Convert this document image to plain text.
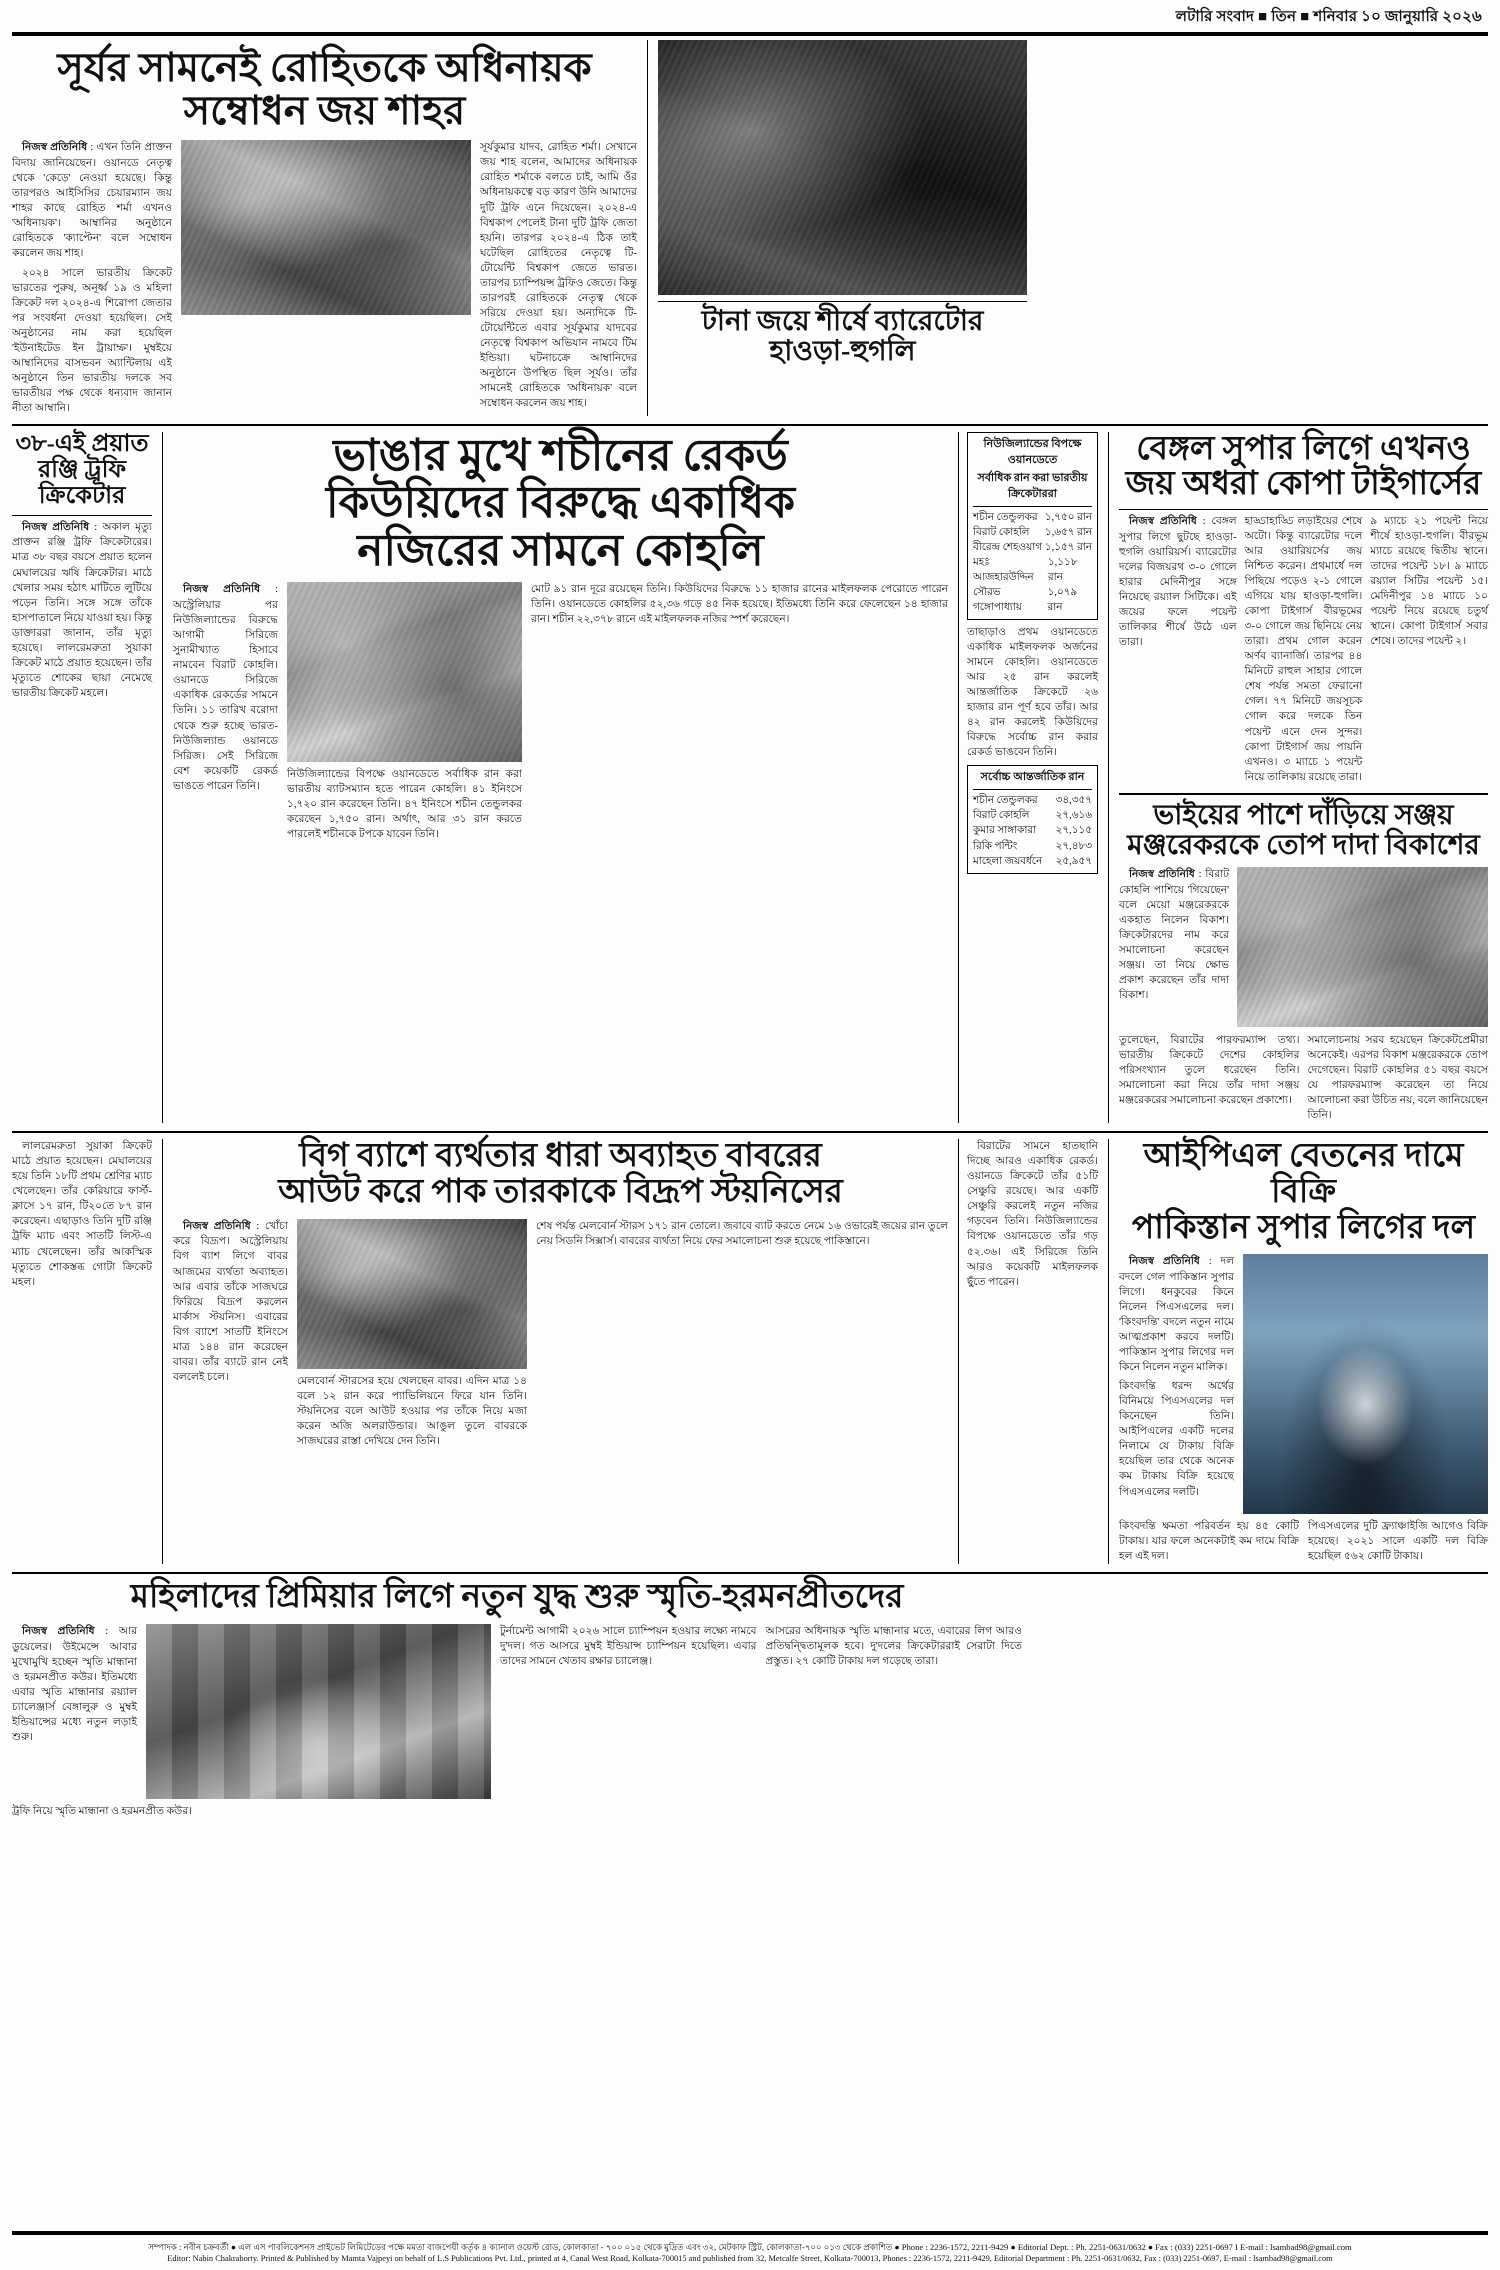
লটারি সংবাদ ■ তিন ■ শনিবার ১০ জানুয়ারি ২০২৬
সূর্যর সামনেই রোহিতকে অধিনায়ক সম্বোধন জয় শাহর

নিজস্ব প্রতিনিধি : এখন তিনি প্রাক্তন বিদায় জানিয়েছেন। ওয়ানডে নেতৃত্ব থেকে 'কেড়ে' নেওয়া হয়েছে। কিন্তু তারপরও আইসিসির চেয়ারম্যান জয় শাহর কাছে রোহিত শর্মা এখনও 'অধিনায়ক'। আম্বানির অনুষ্ঠানে রোহিতকে 'ক্যাপ্টেন' বলে সম্বোধন করলেন জয় শাহ।

২০২৪ সালে ভারতীয় ক্রিকেট ভারতের পুরুষ, অনূর্ধ্ব ১৯ ও মহিলা ক্রিকেট দল ২০২৪-এ শিরোপা জেতার পর সংবর্ধনা দেওয়া হয়েছিল। সেই অনুষ্ঠানের নাম করা হয়েছিল 'ইউনাইটেড ইন ট্রায়াম্ফ'। মুম্বইয়ে আম্বানিদের বাসভবন অ্যান্টিলায় এই অনুষ্ঠানে তিন ভারতীয় দলকে সব ভারতীয়র পক্ষ থেকে ধন্যবাদ জানান নীতা আম্বানি।

সূর্যকুমার যাদব, রোহিত শর্মা। সেখানে জয় শাহ বলেন, আমাদের অধিনায়ক রোহিত শর্মাকে বলতে চাই, আমি ওঁর অধিনায়কত্বে বড় কারণ উনি আমাদের দুটি ট্রফি এনে দিয়েছেন। ২০২৪-এ বিশ্বকাপ পেলেই টানা দুটি ট্রফি জেতা হয়নি। তারপর ২০২৪-এ ঠিক তাই ঘটেছিল রোহিতের নেতৃত্বে টি-টোয়েন্টি বিশ্বকাপ জেতে ভারত। তারপর চ্যাম্পিয়ন্স ট্রফিও জেতে। কিন্তু তারপরই রোহিতকে নেতৃত্ব থেকে সরিয়ে দেওয়া হয়। অন্যদিকে টি-টোয়েন্টিতে এবার সূর্যকুমার যাদবের নেতৃত্বে বিশ্বকাপ অভিযান নামবে টিম ইন্ডিয়া। ঘটনাচক্রে আম্বানিদের অনুষ্ঠানে উপস্থিত ছিল সূর্যও। তাঁর সামনেই রোহিতকে 'অধিনায়ক' বলে সম্বোধন করলেন জয় শাহ।
টানা জয়ে শীর্ষে ব্যারেটোর হাওড়া-হুগলি
৩৮-এই প্রয়াত
রঞ্জি ট্রফি ক্রিকেটার

নিজস্ব প্রতিনিধি : অকাল মৃত্যু প্রাক্তন রঞ্জি ট্রফি ক্রিকেটারের। মাত্র ৩৮ বছর বয়সে প্রয়াত হলেন মেঘালয়ের ঋষি ক্রিকেটার। মাঠে খেলার সময় হঠাৎ মাটিতে লুটিয়ে পড়েন তিনি। সঙ্গে সঙ্গে তাঁকে হাসপাতালে নিয়ে যাওয়া হয়। কিন্তু ডাক্তাররা জানান, তাঁর মৃত্যু হয়েছে। লালরেমরুতা সুয়াকা ক্রিকেট মাঠে প্রয়াত হয়েছেন। তাঁর মৃত্যুতে শোকের ছায়া নেমেছে ভারতীয় ক্রিকেট মহলে।

ভাঙার মুখে শচীনের রেকর্ড
কিউয়িদের বিরুদ্ধে একাধিক
নজিরের সামনে কোহলি

নিজস্ব প্রতিনিধি : অস্ট্রেলিয়ার পর নিউজিল্যান্ডের বিরুদ্ধে আগামী সিরিজে সুনামীখ্যাত হিসাবে নামবেন বিরাট কোহলি। ওয়ানডে সিরিজে একাধিক রেকর্ডের সামনে তিনি। ১১ তারিখ বরোদা থেকে শুরু হচ্ছে ভারত-নিউজিল্যান্ড ওয়ানডে সিরিজ। সেই সিরিজে বেশ কয়েকটি রেকর্ড ভাঙতে পারেন তিনি।

নিউজিল্যান্ডের বিপক্ষে ওয়ানডেতে সর্বাধিক রান করা ভারতীয় ব্যাটসম্যান হতে পারেন কোহলি। ৪১ ইনিংসে ১,৭২০ রান করেছেন তিনি। ৪৭ ইনিংসে শচীন তেন্ডুলকর করেছেন ১,৭৫০ রান। অর্থাৎ, আর ৩১ রান করতে পারলেই শচীনকে টপকে যাবেন তিনি।
মোট ৯১ রান দূরে রয়েছেন তিনি। কিউয়িদের বিরুদ্ধে ১১ হাজার রানের মাইলফলক পেরোতে পারেন তিনি। ওয়ানডেতে কোহলির ৫২,৩৬ গড়ে ৪৫ নিক হয়েছে। ইতিমধ্যে তিনি করে ফেলেছেন ১৪ হাজার রান। শচীন ২২,৩৭৮ রানে এই মাইলফলক নজির স্পর্শ করেছেন।
নিউজিল্যান্ডের বিপক্ষে ওয়ানডেতে
সর্বাধিক রান করা ভারতীয় ক্রিকেটাররা
শচীন তেন্ডুলকর ১,৭৫০ রান
বিরাট কোহলি ১,৬৫৭ রান
বীরেন্দ্র শেহওয়াগ ১,১৫৭ রান
মহঃ আজহারউদ্দিন
১,১১৮ রান
সৌরভ গঙ্গোপাধ্যায়
১,০৭৯ রান
তাছাড়াও প্রথম ওয়ানডেতে একাধিক মাইলফলক অর্জনের সামনে কোহলি। ওয়ানডেতে আর ২৫ রান করলেই আন্তর্জাতিক ক্রিকেটে ২৬ হাজার রান পূর্ণ হবে তাঁর। আর ৪২ রান করলেই কিউয়িদের বিরুদ্ধে সর্বোচ্চ রান করার রেকর্ড ভাঙবেন তিনি।
সর্বোচ্চ আন্তর্জাতিক রান
শচীন তেন্ডুলকর ৩৪,৩৫৭
বিরাট কোহলি	২৭,৬১৬
কুমার সাঙ্গাকারা ২৭,১১৫
রিকি পন্টিং	২৭,৪৮৩
মাহেলা জয়বর্ধনে ২৫,৯৫৭
বেঙ্গল সুপার লিগে এখনও
জয় অধরা কোপা টাইগার্সের

নিজস্ব প্রতিনিধি : বেঙ্গল সুপার লিগে ছুটছে হাওড়া-হুগলি ওয়ারিয়র্স। ব্যারেটোর দলের বিজয়রথ ৩-০ গোলে হারার মেদিনীপুর সঙ্গে নিয়েছে রয়্যাল সিটিকে। এই জয়ের ফলে পয়েন্ট তালিকার শীর্ষে উঠে এল তারা।

হাড্ডাহাড্ডি লড়াইয়ের শেষে অটো। কিন্তু ব্যারেটোর দলে আর ওয়ারিয়র্সের জয় নিশ্চিত করেন। প্রথমার্ধে দল পিছিয়ে পড়েও ২-১ গোলে এগিয়ে যায় হাওড়া-হুগলি। কোপা টাইগার্স বীরভূমের ৩-০ গোলে জয় ছিনিয়ে নেয় তারা। প্রথম গোল করেন অর্ণব ব্যানার্জি। তারপর ৪৪ মিনিটে রাহুল সাহার গোলে শেষ পর্যন্ত সমতা ফেরানো গেল। ৭৭ মিনিটে জয়সূচক গোল করে দলকে তিন পয়েন্ট এনে দেন সুন্দর। কোপা টাইগার্স জয় পায়নি এখনও। ৩ ম্যাচে ১ পয়েন্ট নিয়ে তালিকায় রয়েছে তারা।
৯ ম্যাচে ২১ পয়েন্ট নিয়ে শীর্ষে হাওড়া-হুগলি। বীরভূম ম্যাচে রয়েছে দ্বিতীয় স্থানে। তাদের পয়েন্ট ১৮। ৯ ম্যাচে রয়্যাল সিটির পয়েন্ট ১৫। মেদিনীপুর ১৪ ম্যাচে ১০ পয়েন্ট নিয়ে রয়েছে চতুর্থ স্থানে। কোপা টাইগার্স সবার শেষে। তাদের পয়েন্ট ২।
ভাইয়ের পাশে দাঁড়িয়ে সঞ্জয়
মঞ্জরেকরকে তোপ দাদা বিকাশের

নিজস্ব প্রতিনিধি : বিরাট কোহলি পাশিয়ে 'গিয়েছেন' বলে মেয়ো মঞ্জরেকরকে একহাত নিলেন বিকাশ। ক্রিকেটারদের নাম করে সমালোচনা করেছেন সঞ্জয়। তা নিয়ে ক্ষোভ প্রকাশ করেছেন তাঁর দাদা বিকাশ।

তুলেছেন, বিরাটের পারফরম্যান্স তথ্য। ভারতীয় ক্রিকেটে দেশের কোহলির পরিসংখ্যান তুলে ধরেছেন তিনি। সমালোচনা করা নিয়ে তাঁর দাদা সঞ্জয় মঞ্জরেকরের সমালোচনা করেছেন প্রকাশ্যে।
সমালোচনায় সরব হয়েছেন ক্রিকেটপ্রেমীরা অনেকেই। এরপর বিকাশ মঞ্জরেকরকে তোপ দেগেছেন। বিরাট কোহলির ৫১ বছর বয়সে যে পারফরম্যান্স করেছেন তা নিয়ে আলোচনা করা উচিত নয়, বলে জানিয়েছেন তিনি।

লালরেমরুতা সুয়াকা ক্রিকেট মাঠে প্রয়াত হয়েছেন। মেঘালয়ের হয়ে তিনি ১৮টি প্রথম শ্রেণির ম্যাচ খেলেছেন। তাঁর কেরিয়ারে ফার্স্ট-ক্লাসে ১৭ রান, টি২০তে ৮৭ রান করেছেন। এছাড়াও তিনি দুটি রঞ্জি ট্রফি ম্যাচ এবং সাতটি লিস্ট-এ ম্যাচ খেলেছেন। তাঁর আকস্মিক মৃত্যুতে শোকস্তব্ধ গোটা ক্রিকেট মহল।

বিগ ব্যাশে ব্যর্থতার ধারা অব্যাহত বাবরের
আউট করে পাক তারকাকে বিদ্রূপ স্টয়নিসের

নিজস্ব প্রতিনিধি : খোঁচা করে বিদ্রূপ। অস্ট্রেলিয়ায় বিগ ব্যাশ লিগে বাবর আজমের ব্যর্থতা অব্যাহত। আর এবার তাঁকে সাজঘরে ফিরিয়ে বিদ্রূপ করলেন মার্কাস স্টয়নিস। এবারের বিগ ব্যাশে সাতটি ইনিংসে মাত্র ১৪৪ রান করেছেন বাবর। তাঁর ব্যাটে রান নেই বললেই চলে।	মেলবোর্ন স্টারসের হয়ে খেলছেন বাবর। এদিন মাত্র ১৪ বলে ১২ রান করে প্যাভিলিয়নে ফিরে যান তিনি। স্টয়নিসের বলে আউট হওয়ার পর তাঁকে নিয়ে মজা করেন অজি অলরাউন্ডার। আঙুল তুলে বাবরকে সাজঘরের রাস্তা দেখিয়ে দেন তিনি।
শেষ পর্যন্ত মেলবোর্ন স্টারস ১৭১ রান তোলে। জবাবে ব্যাট করতে নেমে ১৬ ওভারেই জয়ের রান তুলে নেয় সিডনি সিক্সার্স। বাবরের ব্যর্থতা নিয়ে ফের সমালোচনা শুরু হয়েছে পাকিস্তানে।

বিরাটের সামনে হাতছানি দিচ্ছে আরও একাধিক রেকর্ড। ওয়ানডে ক্রিকেটে তাঁর ৫১টি সেঞ্চুরি রয়েছে। আর একটি সেঞ্চুরি করলেই নতুন নজির গড়বেন তিনি। নিউজিল্যান্ডের বিপক্ষে ওয়ানডেতে তাঁর গড় ৫২.৩৬। এই সিরিজে তিনি আরও কয়েকটি মাইলফলক ছুঁতে পারেন।

আইপিএল বেতনের দামে বিক্রি
পাকিস্তান সুপার লিগের দল

নিজস্ব প্রতিনিধি : দল বদলে গেল পাকিস্তান সুপার লিগে। ধনকুবের কিনে নিলেন পিএসএলের দল। 'কিংবদন্তি' বদলে নতুন নামে আত্মপ্রকাশ করবে দলটি। পাকিস্তান সুপার লিগের দল কিনে নিলেন নতুন মালিক।

কিংবদন্তি ধরন্দ অর্থের বিনিময়ে পিএসএলের দল কিনেছেন তিনি। আইপিএলের একটি দলের নিলামে যে টাকায় বিক্রি হয়েছিল তার থেকে অনেক কম টাকায় বিক্রি হয়েছে পিএসএলের দলটি।
কিংবদন্তি ক্ষমতা পরিবর্তন হয় ৪৫ কোটি টাকায়। যার ফলে অনেকটাই কম দামে বিক্রি হল এই দল।
পিএসএলের দুটি ফ্র্যাঞ্চাইজি আগেও বিক্রি হয়েছে। ২০২১ সালে একটি দল বিক্রি হয়েছিল ৫৬২ কোটি টাকায়।
মহিলাদের প্রিমিয়ার লিগে নতুন যুদ্ধ শুরু স্মৃতি-হরমনপ্রীতদের

নিজস্ব প্রতিনিধি : আর ডুয়েলের। উইমেন্সে আবার মুখোমুখি হচ্ছেন স্মৃতি মান্ধানা ও হরমনপ্রীত কউর। ইতিমধ্যে এবার স্মৃতি মান্ধানার রয়্যাল চ্যালেঞ্জার্স বেঙ্গালুরু ও মুম্বই ইন্ডিয়ান্সের মধ্যে নতুন লড়াই শুরু।

টুর্নামেন্ট আগামী ২০২৬ সালে চ্যাম্পিয়ন হওয়ার লক্ষ্যে নামবে দু'দল। গত আসরে মুম্বই ইন্ডিয়ান্স চ্যাম্পিয়ন হয়েছিল। এবার তাদের সামনে খেতাব রক্ষার চ্যালেঞ্জ।
আসরের অধিনায়ক স্মৃতি মান্ধানার মতে, এবারের লিগ আরও প্রতিদ্বন্দ্বিতামূলক হবে। দু'দলের ক্রিকেটাররাই সেরাটা দিতে প্রস্তুত। ২৭ কোটি টাকায় দল গড়েছে তারা।
ট্রফি নিয়ে স্মৃতি মান্ধানা ও হরমনপ্রীত কউর।
সম্পাদক : নবীন চক্রবর্তী ● এল এস পাবলিকেশনস প্রাইভেট লিমিটেডের পক্ষে মমতা বাজপেয়ী কর্তৃক ৪ ক্যানাল ওয়েস্ট রোড, কোলকাতা - ৭০০ ০১৫ থেকে মুদ্রিত এবং ৩২, মেটকাফ স্ট্রিট, কোলকাতা-৭০০ ০১৩ থেকে প্রকাশিত ● Phone : 2236-1572, 2211-9429 ● Editorial Dept. : Ph. 2251-0631/0632 ● Fax : (033) 2251-0697 I E-mail : lsambad98@gmail.com
Editor: Nabin Chakraborty. Printed & Published by Mamta Vajpeyi on behalf of L.S Publications Pvt. Ltd., printed at 4, Canal West Road, Kolkata-700015 and published from 32, Metcalfe Street, Kolkata-700013, Phones : 2236-1572, 2211-9429, Editorial Department : Ph. 2251-0631/0632, Fax : (033) 2251-0697, E-mail : lsambad98@gmail.com
